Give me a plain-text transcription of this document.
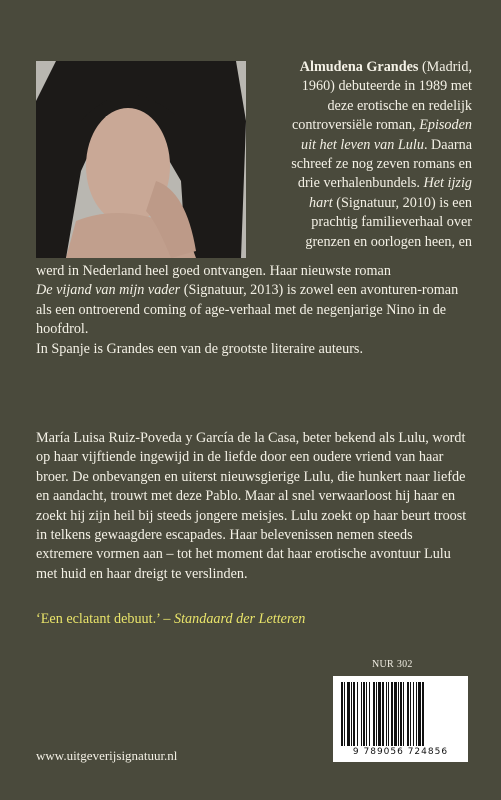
Almudena Grandes (Madrid,
1960) debuteerde in 1989 met
deze erotische en redelijk
controversiële roman, Episoden
uit het leven van Lulu. Daarna
schreef ze nog zeven romans en
drie verhalenbundels. Het ijzig
hart (Signatuur, 2010) is een
prachtig familieverhaal over
grenzen en oorlogen heen, en
werd in Nederland heel goed ontvangen. Haar nieuwste roman
De vijand van mijn vader (Signatuur, 2013) is zowel een avonturen-roman als een ontroerend coming of age-verhaal met de negenjarige Nino in de hoofdrol.
In Spanje is Grandes een van de grootste literaire auteurs.
María Luisa Ruiz-Poveda y García de la Casa, beter bekend als Lulu, wordt op haar vijftiende ingewijd in de liefde door een oudere vriend van haar broer. De onbevangen en uiterst nieuwsgierige Lulu, die hunkert naar liefde en aandacht, trouwt met deze Pablo. Maar al snel verwaarloost hij haar en zoekt hij zijn heil bij steeds jongere meisjes. Lulu zoekt op haar beurt troost in telkens gewaagdere escapades. Haar belevenissen nemen steeds extremere vormen aan – tot het moment dat haar erotische avontuur Lulu met huid en haar dreigt te verslinden.
‘Een eclatant debuut.’ – Standaard der Letteren
NUR 302
9 789056 724856
www.uitgeverijsignatuur.nl
